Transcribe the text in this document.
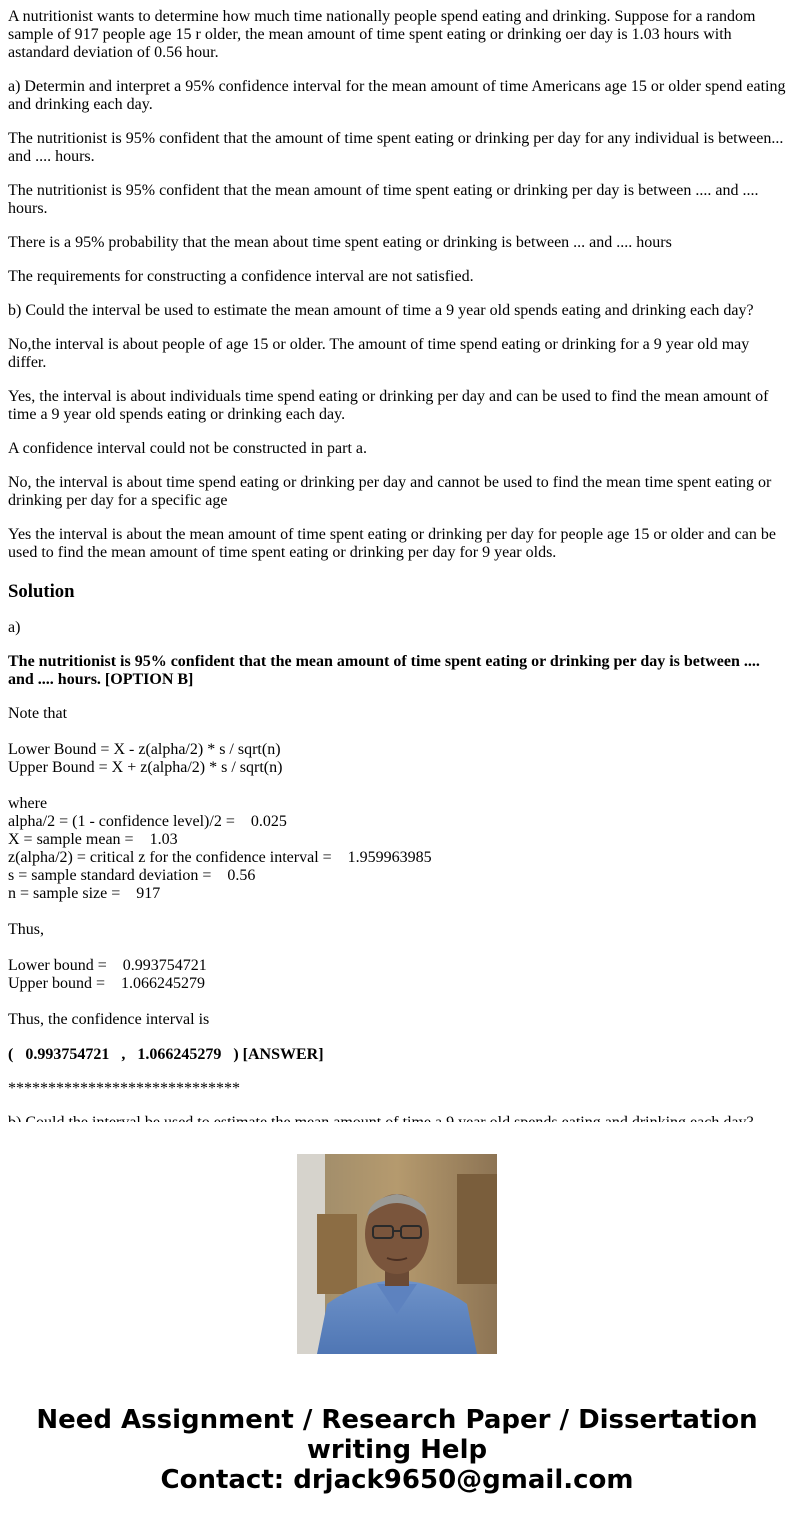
A nutritionist wants to determine how much time nationally people spend eating and drinking. Suppose for a random sample of 917 people age 15 r older, the mean amount of time spent eating or drinking oer day is 1.03 hours with astandard deviation of 0.56 hour.

a) Determin and interpret a 95% confidence interval for the mean amount of time Americans age 15 or older spend eating and drinking each day.

The nutritionist is 95% confident that the amount of time spent eating or drinking per day for any individual is between... and .... hours.

The nutritionist is 95% confident that the mean amount of time spent eating or drinking per day is between .... and .... hours.

There is a 95% probability that the mean about time spent eating or drinking is between ... and .... hours

The requirements for constructing a confidence interval are not satisfied.

b) Could the interval be used to estimate the mean amount of time a 9 year old spends eating and drinking each day?

No,the interval is about people of age 15 or older. The amount of time spend eating or drinking for a 9 year old may differ.

Yes, the interval is about individuals time spend eating or drinking per day and can be used to find the mean amount of time a 9 year old spends eating or drinking each day.

A confidence interval could not be constructed in part a.

No, the interval is about time spend eating or drinking per day and cannot be used to find the mean time spent eating or drinking per day for a specific age

Yes the interval is about the mean amount of time spent eating or drinking per day for people age 15 or older and can be used to find the mean amount of time spent eating or drinking per day for 9 year olds.

Solution

a)

The nutritionist is 95% confident that the mean amount of time spent eating or drinking per day is between .... and .... hours. [OPTION B]

Note that

Lower Bound = X - z(alpha/2) * s / sqrt(n)
Upper Bound = X + z(alpha/2) * s / sqrt(n)

where
alpha/2 = (1 - confidence level)/2 =    0.025
X = sample mean =    1.03
z(alpha/2) = critical z for the confidence interval =    1.959963985
s = sample standard deviation =    0.56
n = sample size =    917

Thus,

Lower bound =    0.993754721
Upper bound =    1.066245279

Thus, the confidence interval is

(   0.993754721   ,   1.066245279   ) [ANSWER]

*****************************

Need Assignment / Research Paper / Dissertation
writing Help
Contact: drjack9650@gmail.com
